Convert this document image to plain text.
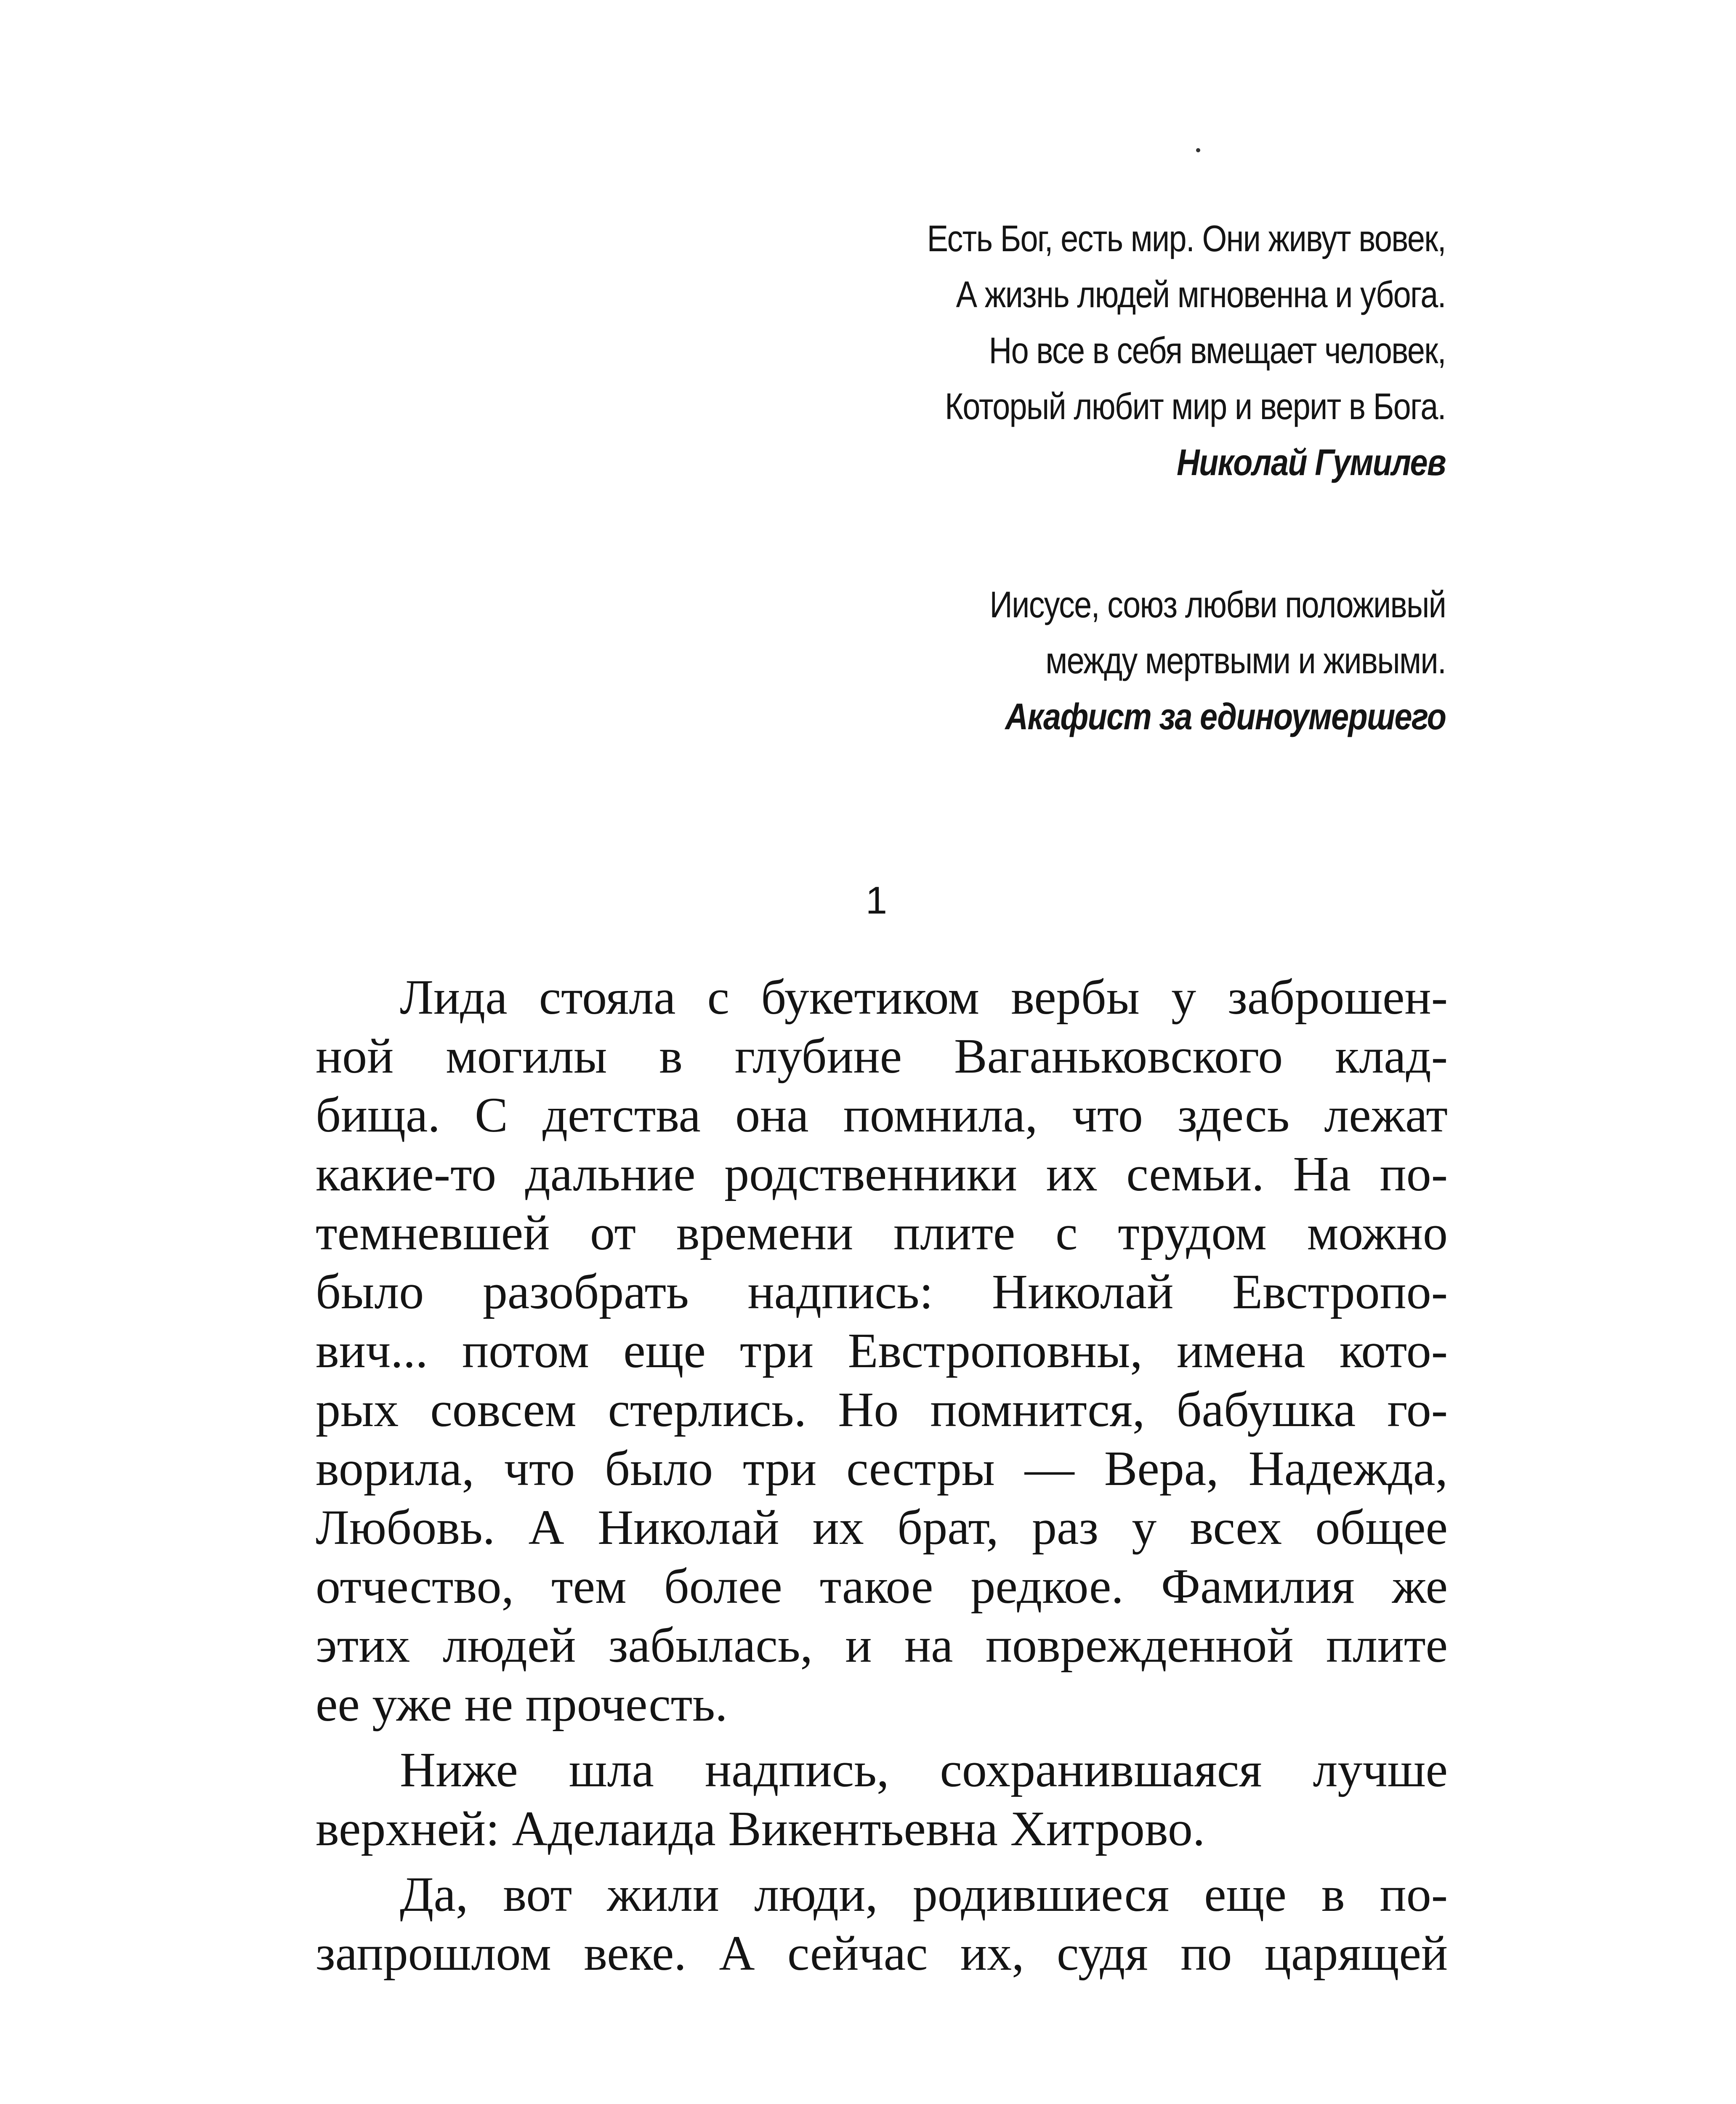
Есть Бог, есть мир. Они живут вовек,
А жизнь людей мгновенна и убога.
Но все в себя вмещает человек,
Который любит мир и верит в Бога.
Николай Гумилев
Иисусе, союз любви положивый
между мертвыми и живыми.
Акафист за единоумершего
1
Лида стояла с букетиком вербы у заброшен-
ной могилы в глубине Ваганьковского клад-
бища. С детства она помнила, что здесь лежат
какие-то дальние родственники их семьи. На по-
темневшей от времени плите с трудом можно
было разобрать надпись: Николай Евстропо-
вич... потом еще три Евстроповны, имена кото-
рых совсем стерлись. Но помнится, бабушка го-
ворила, что было три сестры — Вера, Надежда,
Любовь. А Николай их брат, раз у всех общее
отчество, тем более такое редкое. Фамилия же
этих людей забылась, и на поврежденной плите
ее уже не прочесть.
Ниже шла надпись, сохранившаяся лучше
верхней: Аделаида Викентьевна Хитрово.
Да, вот жили люди, родившиеся еще в по-
запрошлом веке. А сейчас их, судя по царящей
